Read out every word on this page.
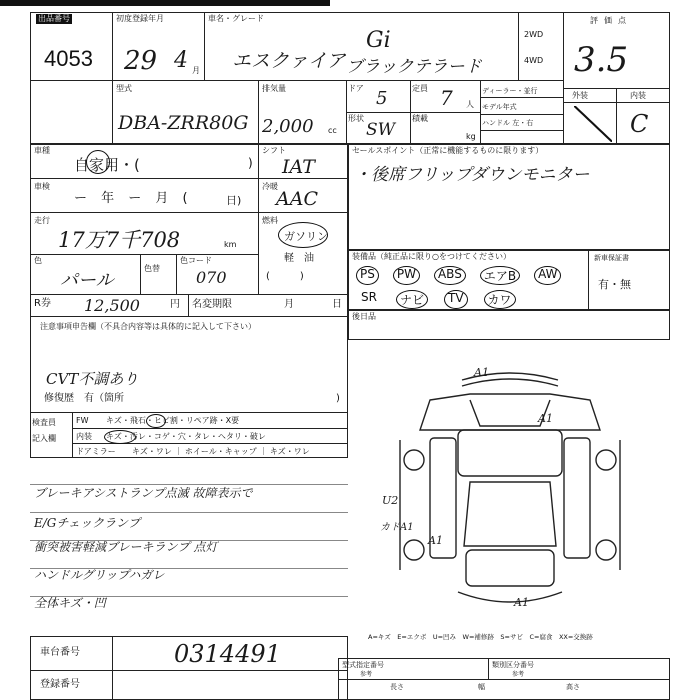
出品番号
4053
初度登録年月
29 4 月
車名・グレード
エスクァイア
Gi
ブラックテラード
2WD
4WD
評価点
3.5
型式
DBA-ZRR80G
排気量
2,000 cc
ドア 5	定員 7 人
形状
SW
積載
kg
ディーラー・並行
モデル年式
ハンドル 左・右
外装	内装
C
車種
自家用・(	)
シフト
IAT
車検
ー 年 ー 月 (	日)
冷暖
AAC
走行
17万7千708	km
燃料
ガソリン
軽　油
(　　　)
色
パール
色替
色コード
070
R券 12,500	円 名変期限	月	日
注意事項申告欄（不具合内容等は具体的に記入して下さい）
CVT不調あり
修復歴　有（箇所	)
検査員
記入欄
FW キズ・飛石・ヒビ割・リペア跡・X要
内装 キズ・汚レ・コゲ・穴・タレ・ヘタリ・破レ
ドアミラー キズ・ワレ ｜ ホイール・キャップ ｜ キズ・ワレ
ブレーキアシストランプ点滅 故障表示で
E/Gチェックランプ
衝突被害軽減ブレーキランプ 点灯
ハンドルグリップハガレ
全体キズ・凹
セールスポイント（正常に機能するものに限ります）
・後席フリップダウンモニター
装備品（純正品に限り○をつけてください）	新車保証書
有・無
PS	PW	ABS	エアB	AW
SR	ナビ	TV	カワ
後日品
A1
A1
U2
A1
カドA1
A1
A=キズ　E=エクボ　U=凹み　W=補修跡　S=サビ　C=腐食　XX=交換跡
車台番号	0314491
登録番号
型式指定番号	類別区分番号
参考	参考
長さ	幅	高さ
